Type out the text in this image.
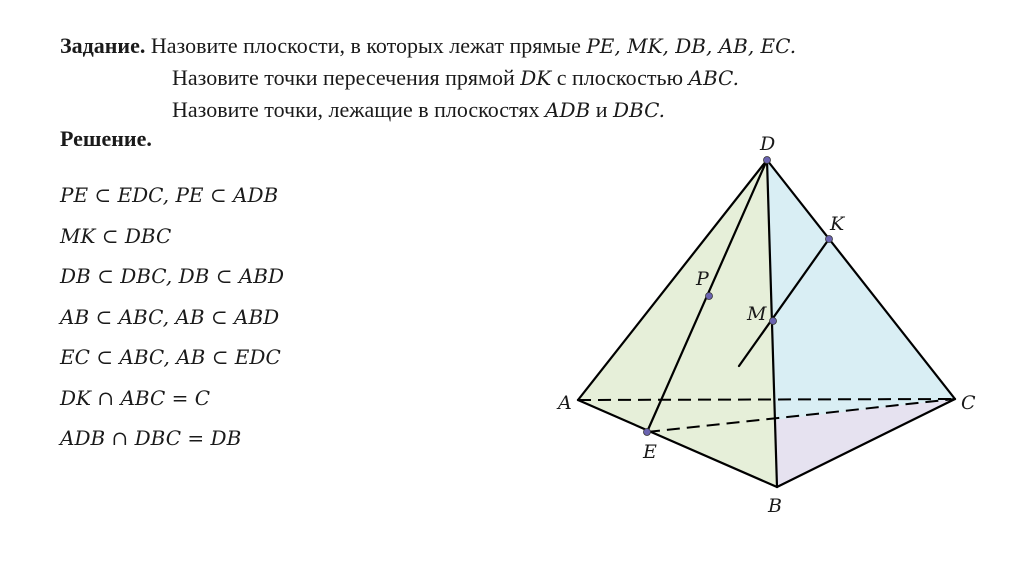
Задание. Назовите плоскости, в которых лежат прямые PE, MK, DB, AB, EC.
Назовите точки пересечения прямой DK с плоскостью ABC.
Назовите точки, лежащие в плоскостях ADB и DBC.
Решение.
PE ⊂ EDC, PE ⊂ ADB
MK ⊂ DBC
DB ⊂ DBC, DB ⊂ ABD
AB ⊂ ABC, AB ⊂ ABD
EC ⊂ ABC, AB ⊂ EDC
DK ∩ ABC = C
ADB ∩ DBC = DB
D
K
P
M
A	C
E
B
